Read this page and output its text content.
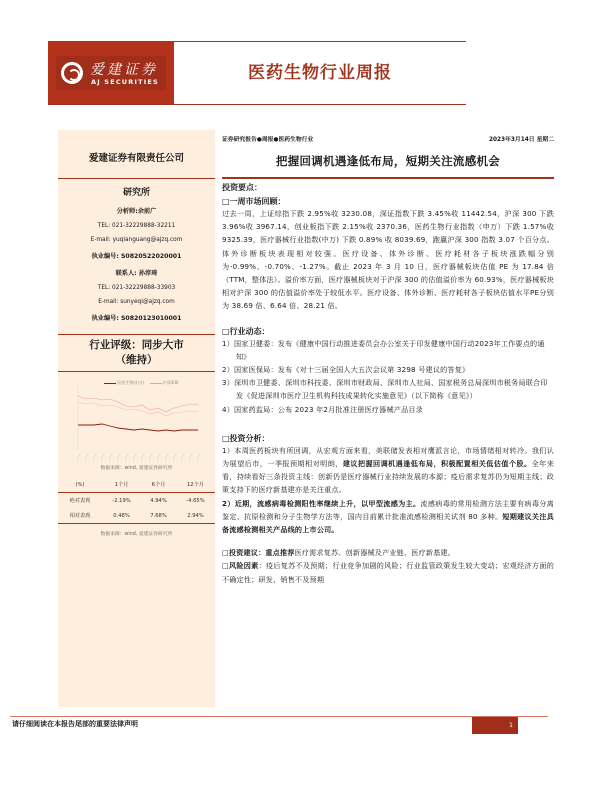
爱建证券
AJ SECURITIES	医药生物行业周报
爱建证券有限责任公司
研究所
分析师:余前广
TEL: 021-32229888-32211
E-mail: yuqianguang@ajzq.com
执业编号: S0820522020001
联系人: 孙淳琦
TEL: 021-32229888-33903
E-mail: sunyeqi@ajzq.com
执业编号: S0820123010001
行业评级：同步大市
（维持）
医药生物(申万)	沪深300
数据来源：wind, 爱建证券研究所
(%)	1个月	6个月	12个月
绝对表现	-2.19%	4.94%	-4.65%
相对表现	0.48%	7.68%	2.94%
数据来源：wind, 爱建证券研究所
证券研究报告●周报●医药生物行业	2023年3月14日 星期二
把握回调机遇逢低布局，短期关注流感机会
投资要点：
□一周市场回顾：
过去一周，上证综指下跌 2.95%收 3230.08，深证指数下跌 3.45%收 11442.54，沪深 300 下跌 3.96%收 3967.14，创业板指下跌 2.15%收 2370.36，医药生物行业指数（申万）下跌 1.57%收 9325.39，医疗器械行业指数(中万) 下跌 0.89% 收 8039.69，跑赢沪深 300 指数 3.07 个百分点。体外诊断板块表现相对较强。医疗设备、体外诊断、医疗耗材各子板块涨跌幅分别为-0.99%、-0.70%、-1.27%。截止 2023 年 3 月 10 日，医疗器械板块估值 PE 为 17.84 倍（TTM，整体法）。溢价率方面，医疗器械板块对于沪深 300 的估值溢价率为 60.93%，医疗器械板块相对沪深 300 的估值溢价率处于较低水平。医疗设备、体外诊断、医疗耗材各子板块估值水平PE分别为 38.69 倍、6.64 倍、28.21 倍。
□行业动态：
1）国家卫健委：发布《健康中国行动推进委员会办公室关于印发健康中国行动2023年工作要点的通知》
2）国家医保局：发布《对十三届全国人大五次会议第 3298 号建议的答复》
3）深圳市卫健委、深圳市科技委、深圳市财政局、深圳市人社局、国家税务总局深圳市税务局联合印发《促进深圳市医疗卫生机构科技成果转化实施意见》（以下简称《意见》）
4）国家药监局：公布 2023 年2月批准注册医疗器械产品目录
□投资分析：
1）本周医药板块有所回调，从宏观方面来看，美联储发表相对鹰派言论，市场情绪相对转冷。我们认为展望后市，一季报预期相对明朗，建议把握回调机遇逢低布局，积极配置相关低估值个股。全年来看，持续看好三条投资主线：创新仍是医疗器械行业持续发展的本源；疫后需求复苏仍为短期主线；政策支持下的医疗新基建亦是关注重点。
2）近期，流感病毒检测阳性率继续上升，以甲型流感为主。流感病毒的常用检测方法主要有病毒分离鉴定、抗原检测和分子生物学方法等，国内目前累计批准流感检测相关试剂 80 多种。短期建议关注具备流感检测相关产品线的上市公司。
□投资建议：重点推荐医疗需求复苏、创新器械及产业链、医疗新基建。
□风险因素：疫后复苏不及预期；行业竞争加剧的风险；行业监管政策发生较大变动；宏观经济方面的不确定性；研发、销售不及预期
请仔细阅读在本报告尾部的重要法律声明	1
